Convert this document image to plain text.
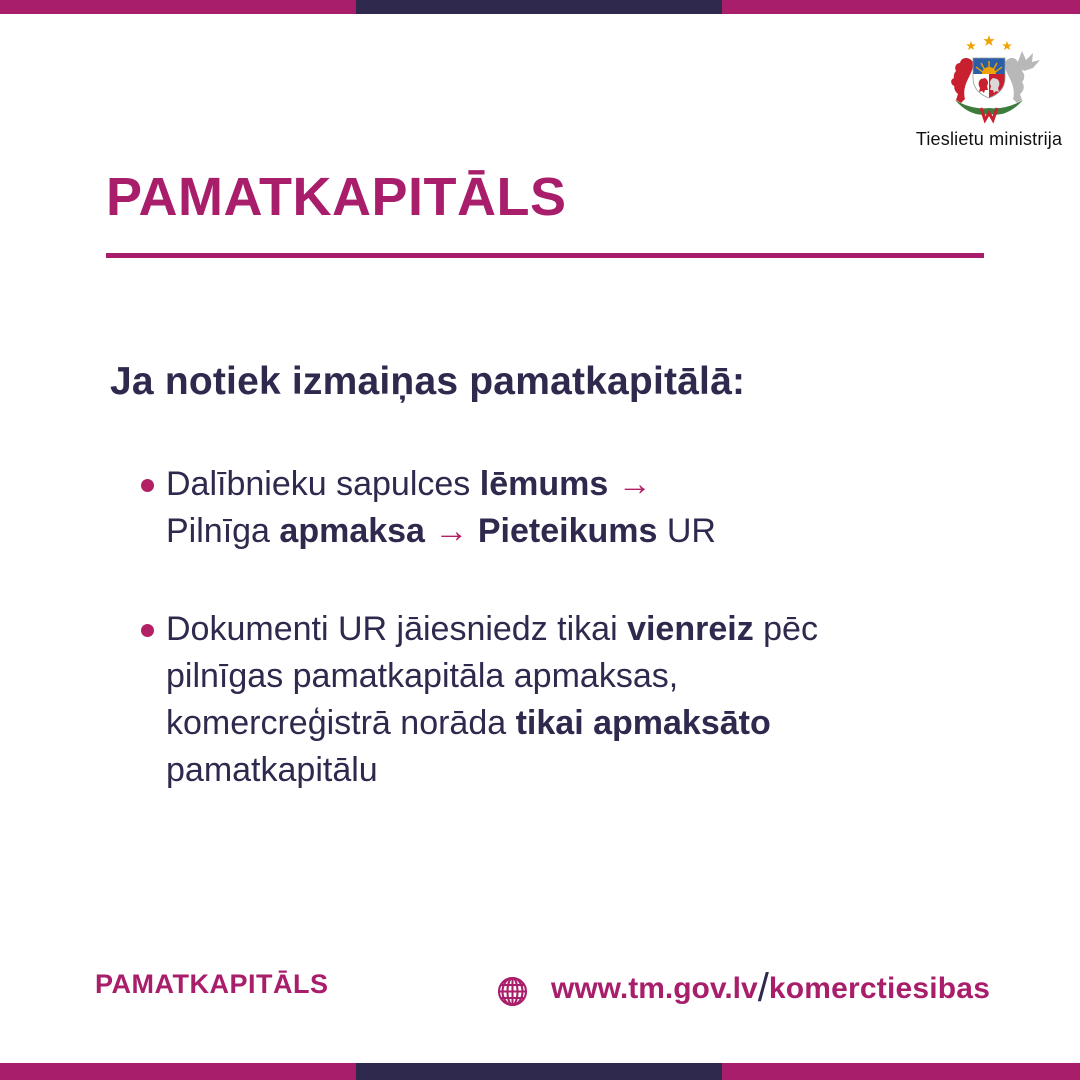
Tieslietu ministrija
PAMATKAPITĀLS
Ja notiek izmaiņas pamatkapitālā:
Dalībnieku sapulces lēmums →
Pilnīga apmaksa → Pieteikums UR
Dokumenti UR jāiesniedz tikai vienreiz pēc
pilnīgas pamatkapitāla apmaksas,
komercreģistrā norāda tikai apmaksāto
pamatkapitālu
PAMATKAPITĀLS	www.tm.gov.lv/komerctiesibas
